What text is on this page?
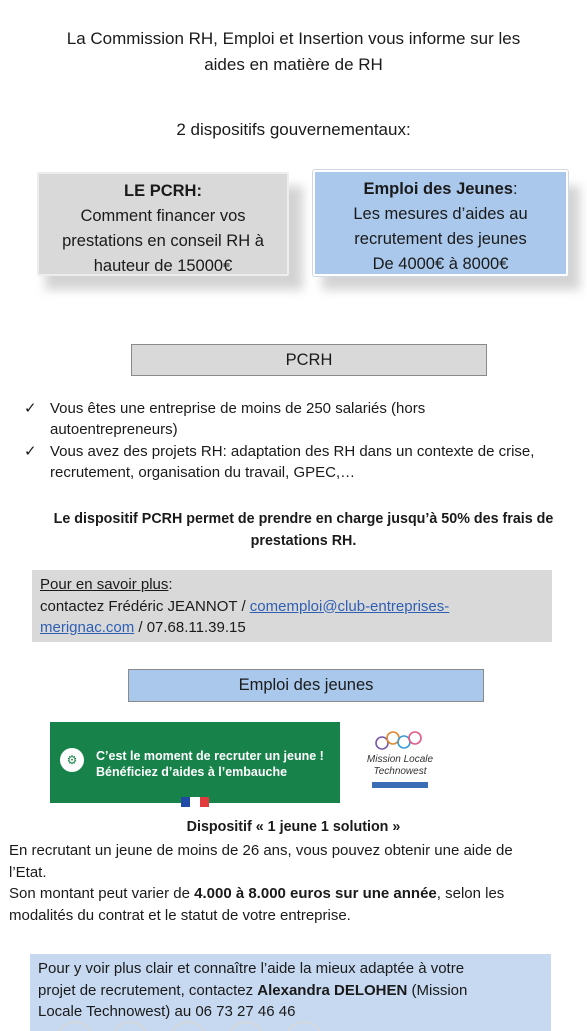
La Commission RH, Emploi et Insertion vous informe sur les
aides en matière de RH
2 dispositifs gouvernementaux:
LE PCRH:
Comment financer vos
prestations en conseil RH à
hauteur de 15000€
Emploi des Jeunes:
Les mesures d’aides au
recrutement des jeunes
De 4000€ à 8000€
PCRH
✓ Vous êtes une entreprise de moins de 250 salariés (hors
autoentrepreneurs)
✓ Vous avez des projets RH: adaptation des RH dans un contexte de crise,
recrutement, organisation du travail, GPEC,…
Le dispositif PCRH permet de prendre en charge jusqu’à 50% des frais de
prestations RH.
Pour en savoir plus:
contactez Frédéric JEANNOT / comemploi@club-entreprises-
merignac.com / 07.68.11.39.15
Emploi des jeunes
⚙	C’est le moment de recruter un jeune !
Bénéficiez d’aides à l’embauche
Mission Locale
Technowest
Dispositif « 1 jeune 1 solution »
En recrutant un jeune de moins de 26 ans, vous pouvez obtenir une aide de
l’Etat.
Son montant peut varier de 4.000 à 8.000 euros sur une année, selon les
modalités du contrat et le statut de votre entreprise.
Pour y voir plus clair et connaître l’aide la mieux adaptée à votre
projet de recrutement, contactez Alexandra DELOHEN (Mission
Locale Technowest) au 06 73 27 46 46
